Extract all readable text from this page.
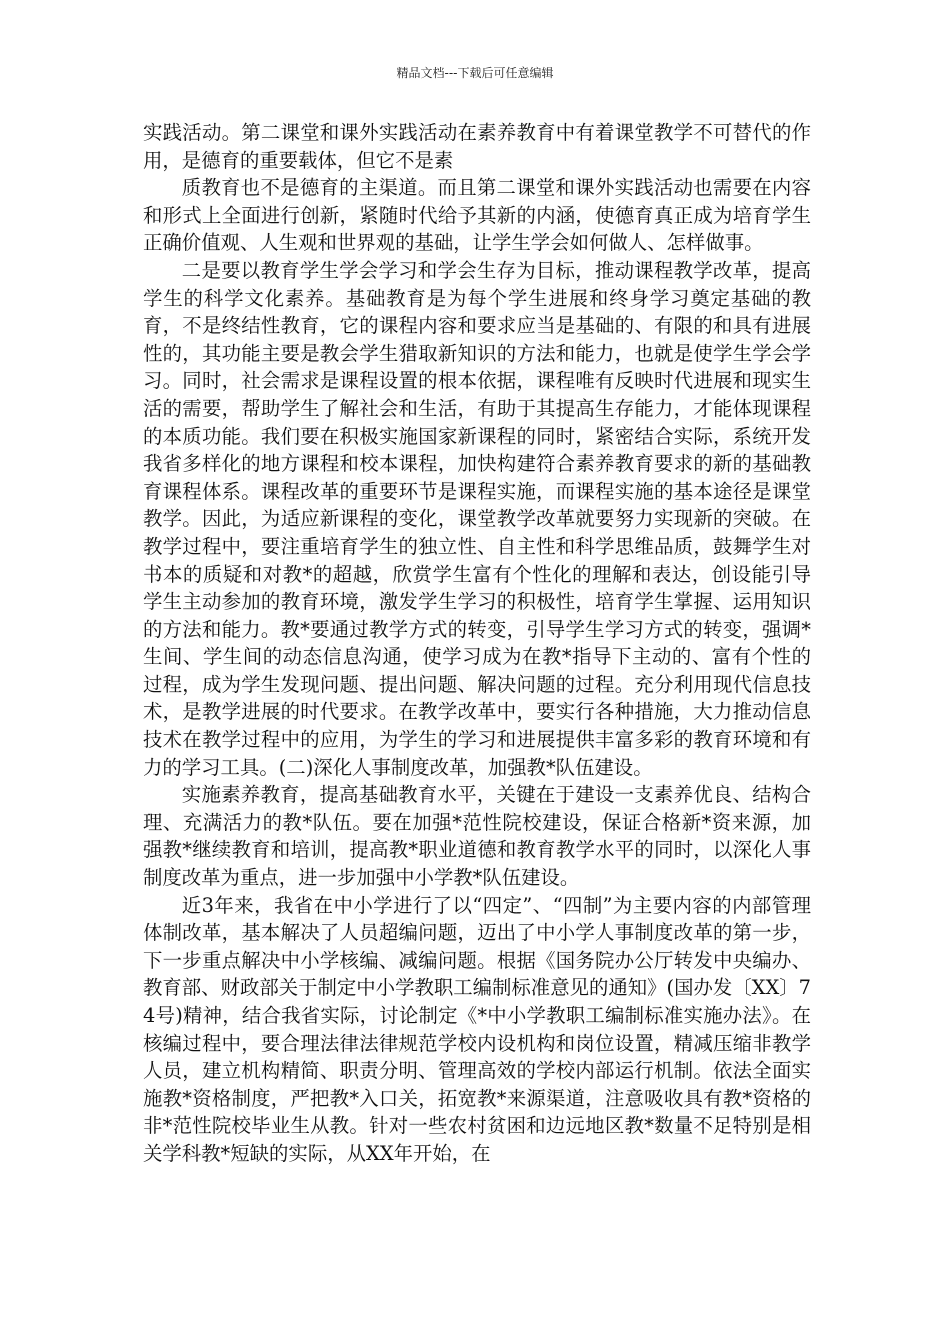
精品文档---下载后可任意编辑

实践活动。第二课堂和课外实践活动在素养教育中有着课堂教学不可替代的作用，是德育的重要载体，但它不是素

质教育也不是德育的主渠道。而且第二课堂和课外实践活动也需要在内容和形式上全面进行创新，紧随时代给予其新的内涵，使德育真正成为培育学生正确价值观、人生观和世界观的基础，让学生学会如何做人、怎样做事。

二是要以教育学生学会学习和学会生存为目标，推动课程教学改革，提高学生的科学文化素养。基础教育是为每个学生进展和终身学习奠定基础的教育，不是终结性教育，它的课程内容和要求应当是基础的、有限的和具有进展性的，其功能主要是教会学生猎取新知识的方法和能力，也就是使学生学会学习。同时，社会需求是课程设置的根本依据，课程唯有反映时代进展和现实生活的需要，帮助学生了解社会和生活，有助于其提高生存能力，才能体现课程的本质功能。我们要在积极实施国家新课程的同时，紧密结合实际，系统开发我省多样化的地方课程和校本课程，加快构建符合素养教育要求的新的基础教育课程体系。课程改革的重要环节是课程实施，而课程实施的基本途径是课堂教学。因此，为适应新课程的变化，课堂教学改革就要努力实现新的突破。在教学过程中，要注重培育学生的独立性、自主性和科学思维品质，鼓舞学生对书本的质疑和对教*的超越，欣赏学生富有个性化的理解和表达，创设能引导学生主动参加的教育环境，激发学生学习的积极性，培育学生掌握、运用知识的方法和能力。教*要通过教学方式的转变，引导学生学习方式的转变，强调*生间、学生间的动态信息沟通，使学习成为在教*指导下主动的、富有个性的过程，成为学生发现问题、提出问题、解决问题的过程。充分利用现代信息技术，是教学进展的时代要求。在教学改革中，要实行各种措施，大力推动信息技术在教学过程中的应用，为学生的学习和进展提供丰富多彩的教育环境和有力的学习工具。(二)深化人事制度改革，加强教*队伍建设。

实施素养教育，提高基础教育水平，关键在于建设一支素养优良、结构合理、充满活力的教*队伍。要在加强*范性院校建设，保证合格新*资来源，加强教*继续教育和培训，提高教*职业道德和教育教学水平的同时，以深化人事制度改革为重点，进一步加强中小学教*队伍建设。

近3年来，我省在中小学进行了以“四定”、“四制”为主要内容的内部管理体制改革，基本解决了人员超编问题，迈出了中小学人事制度改革的第一步，下一步重点解决中小学核编、减编问题。根据《国务院办公厅转发中央编办、教育部、财政部关于制定中小学教职工编制标准意见的通知》(国办发〔XX〕74号)精神，结合我省实际，讨论制定《*中小学教职工编制标准实施办法》。在核编过程中，要合理法律法律规范学校内设机构和岗位设置，精减压缩非教学人员，建立机构精简、职责分明、管理高效的学校内部运行机制。依法全面实施教*资格制度，严把教*入口关，拓宽教*来源渠道，注意吸收具有教*资格的非*范性院校毕业生从教。针对一些农村贫困和边远地区教*数量不足特别是相关学科教*短缺的实际，从XX年开始，在
